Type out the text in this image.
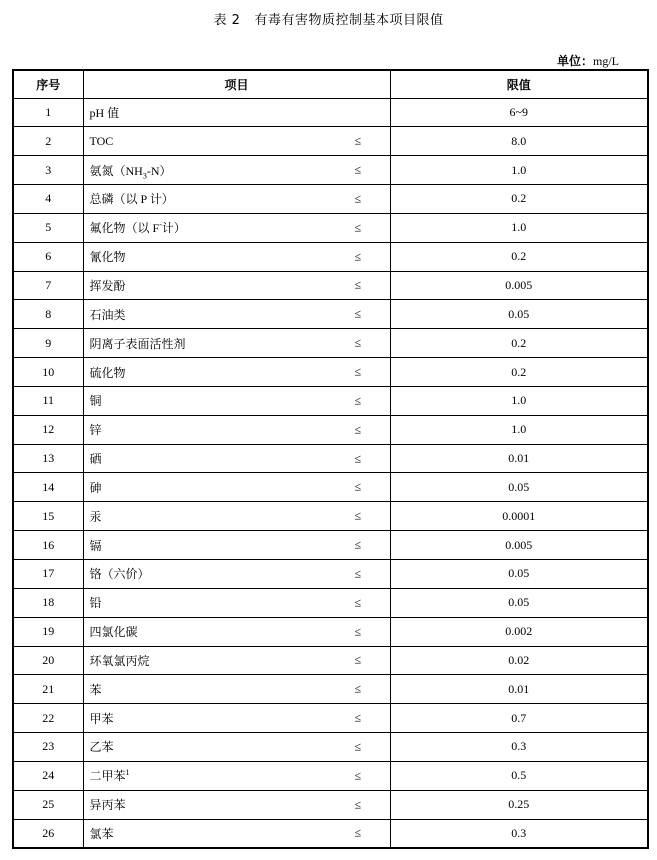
表 2 有毒有害物质控制基本项目限值
单位：mg/L
序号	项目	限值
1	pH 值	6~9
2	TOC ≤	8.0
3	氨氮$(NH_3-N)$ ≤	1.0
4	总磷（以 P 计） ≤	0.2
5	氟化物（以 F-计） ≤	1.0
6	氰化物 ≤	0.2
7	挥发酚 ≤	0.005
8	石油类 ≤	0.05
9	阴离子表面活性剂 ≤	0.2
10	硫化物 ≤	0.2
11	铜 ≤	1.0
12	锌 ≤	1.0
13	硒 ≤	0.01
14	砷 ≤	0.05
15	汞 ≤	0.0001
16	镉 ≤	0.005
17	铬（六价） ≤	0.05
18	铅 ≤	0.05
19	四氯化碳 ≤	0.002
20	环氧氯丙烷 ≤	0.02
21	苯 ≤	0.01
22	甲苯 ≤	0.7
23	乙苯 ≤	0.3
24	二甲苯$^1$ ≤	0.5
25	异丙苯 ≤	0.25
26	氯苯 ≤	0.3
